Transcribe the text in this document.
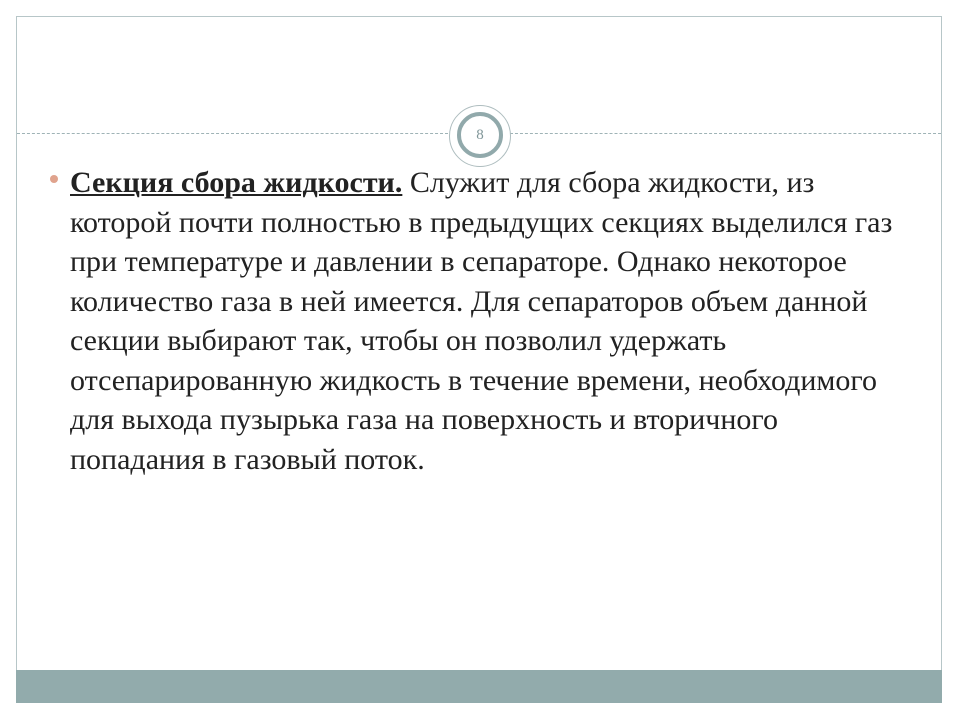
8

Секция сбора жидкости. Служит для сбора жидкости, из которой почти полностью в предыдущих секциях выделился газ при температуре и давлении в сепараторе. Однако некоторое количество газа в ней имеется. Для сепараторов объем данной секции выбирают так, чтобы он позволил удержать отсепарированную жидкость в течение времени, необходимого для выхода пузырька газа на поверхность и вторичного попадания в газовый поток.
